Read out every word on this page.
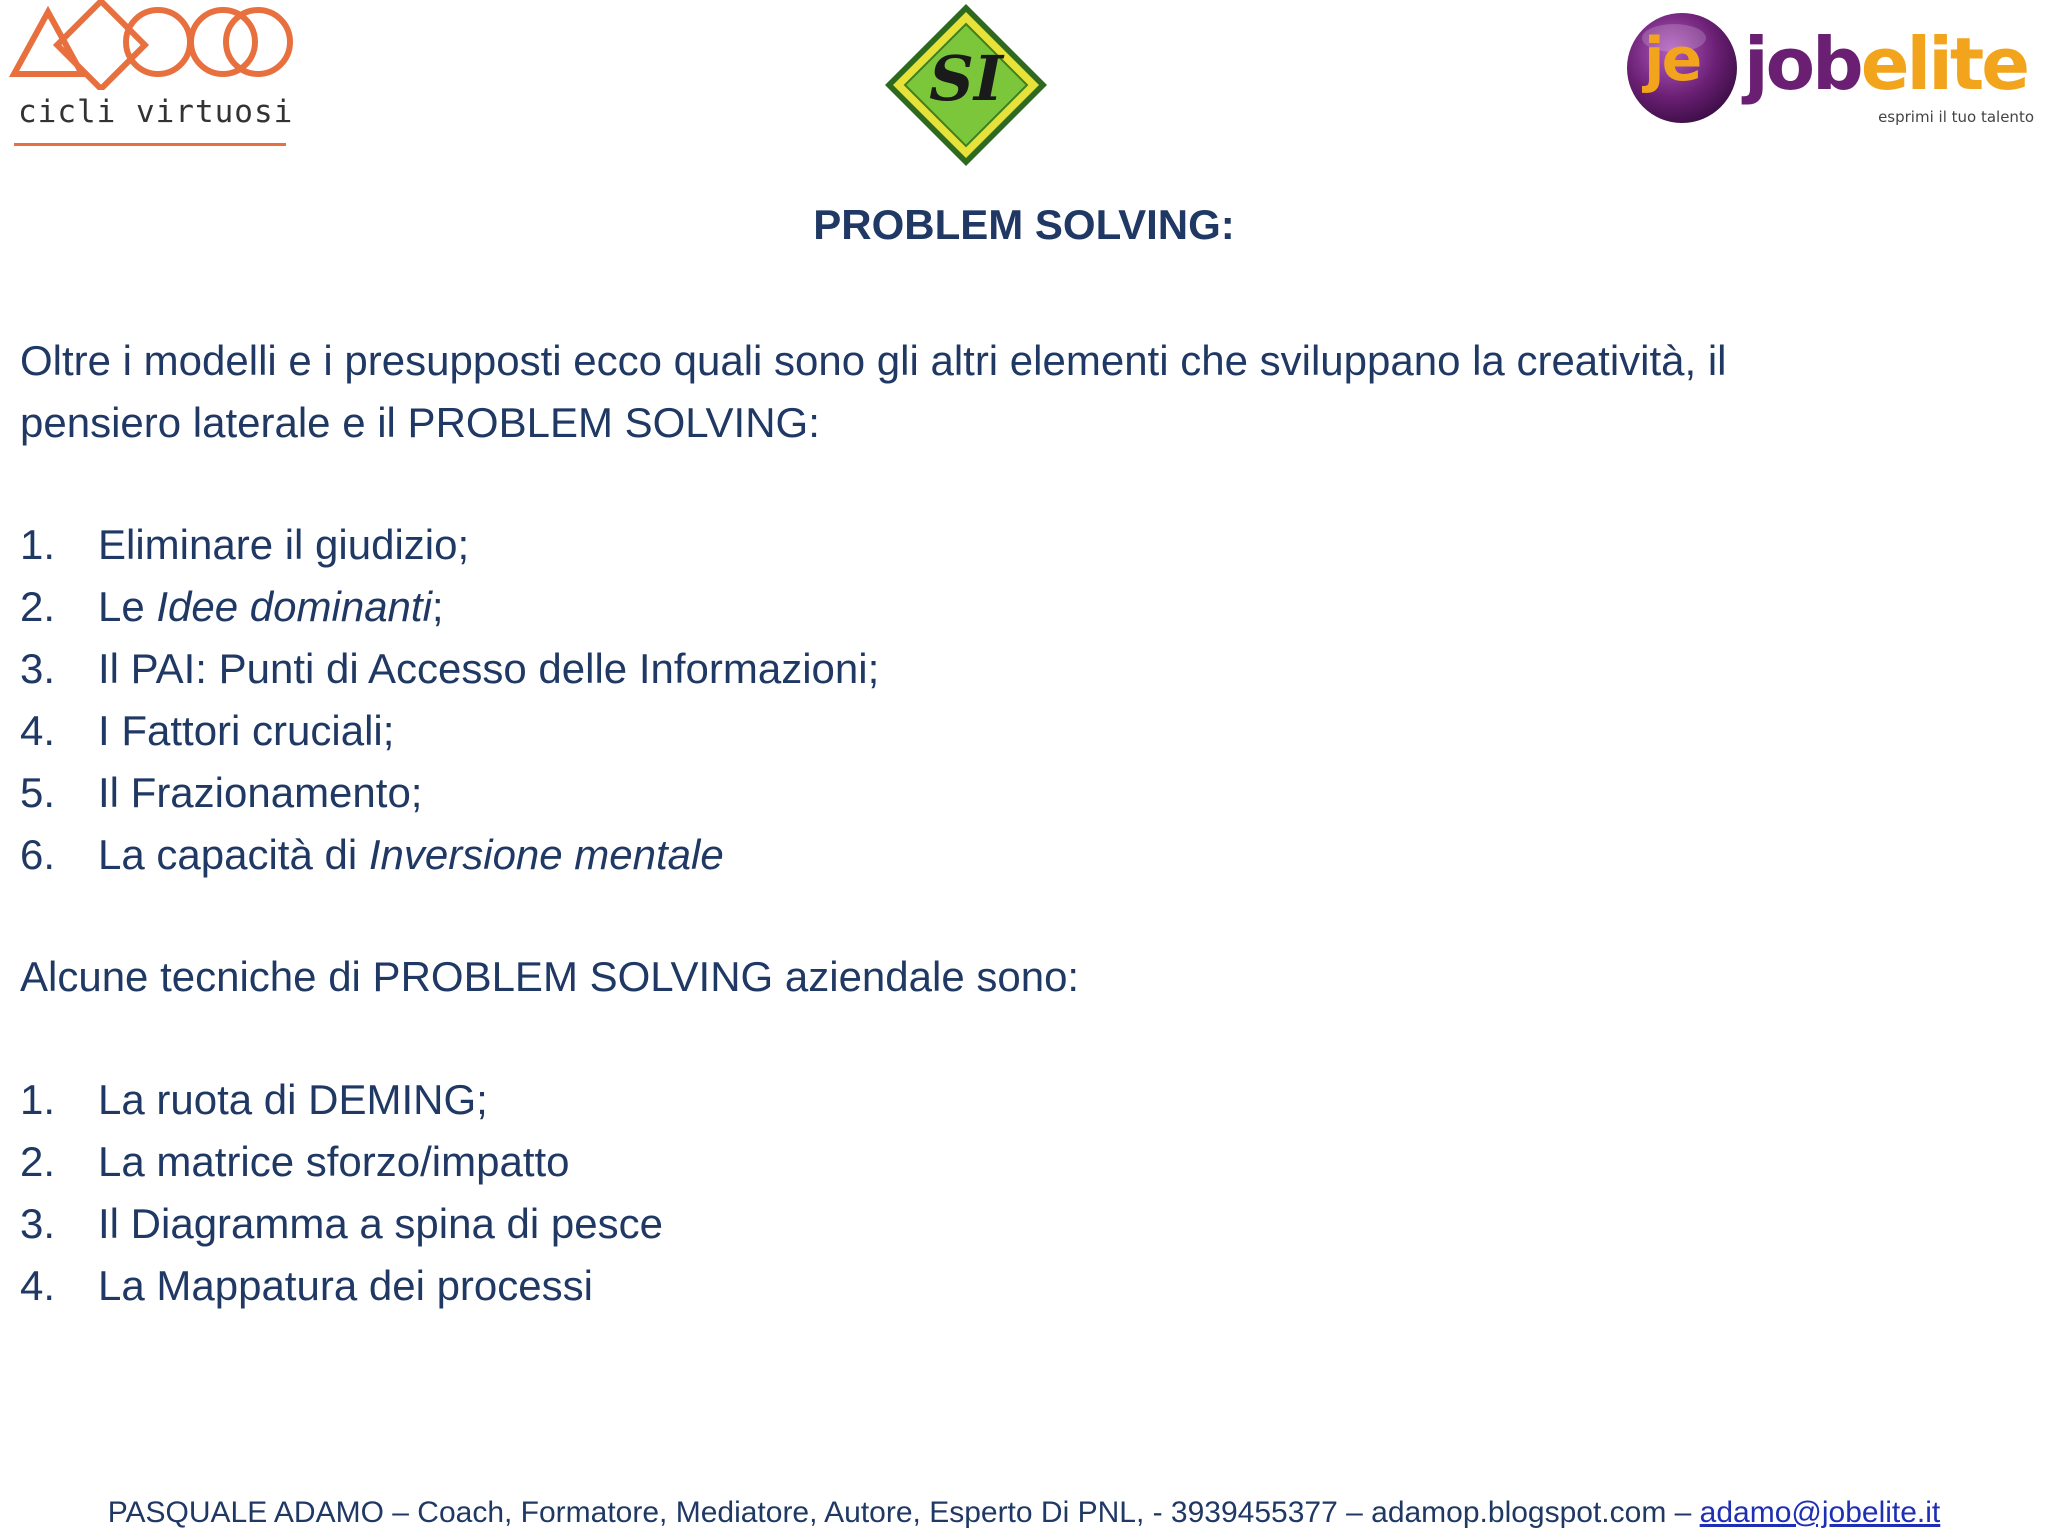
cicli virtuosi	SI	je jobelite
esprimi il tuo talento
PROBLEM SOLVING:
Oltre i modelli e i presupposti ecco quali sono gli altri elementi che sviluppano la creatività, il
pensiero laterale e il PROBLEM SOLVING:
1. Eliminare il giudizio;
2. Le Idee dominanti;
3. Il PAI: Punti di Accesso delle Informazioni;
4. I Fattori cruciali;
5. Il Frazionamento;
6. La capacità di Inversione mentale
Alcune tecniche di PROBLEM SOLVING aziendale sono:
1. La ruota di DEMING;
2. La matrice sforzo/impatto
3. Il Diagramma a spina di pesce
4. La Mappatura dei processi
PASQUALE ADAMO – Coach, Formatore, Mediatore, Autore, Esperto Di PNL, - 3939455377 – adamop.blogspot.com – adamo@jobelite.it
